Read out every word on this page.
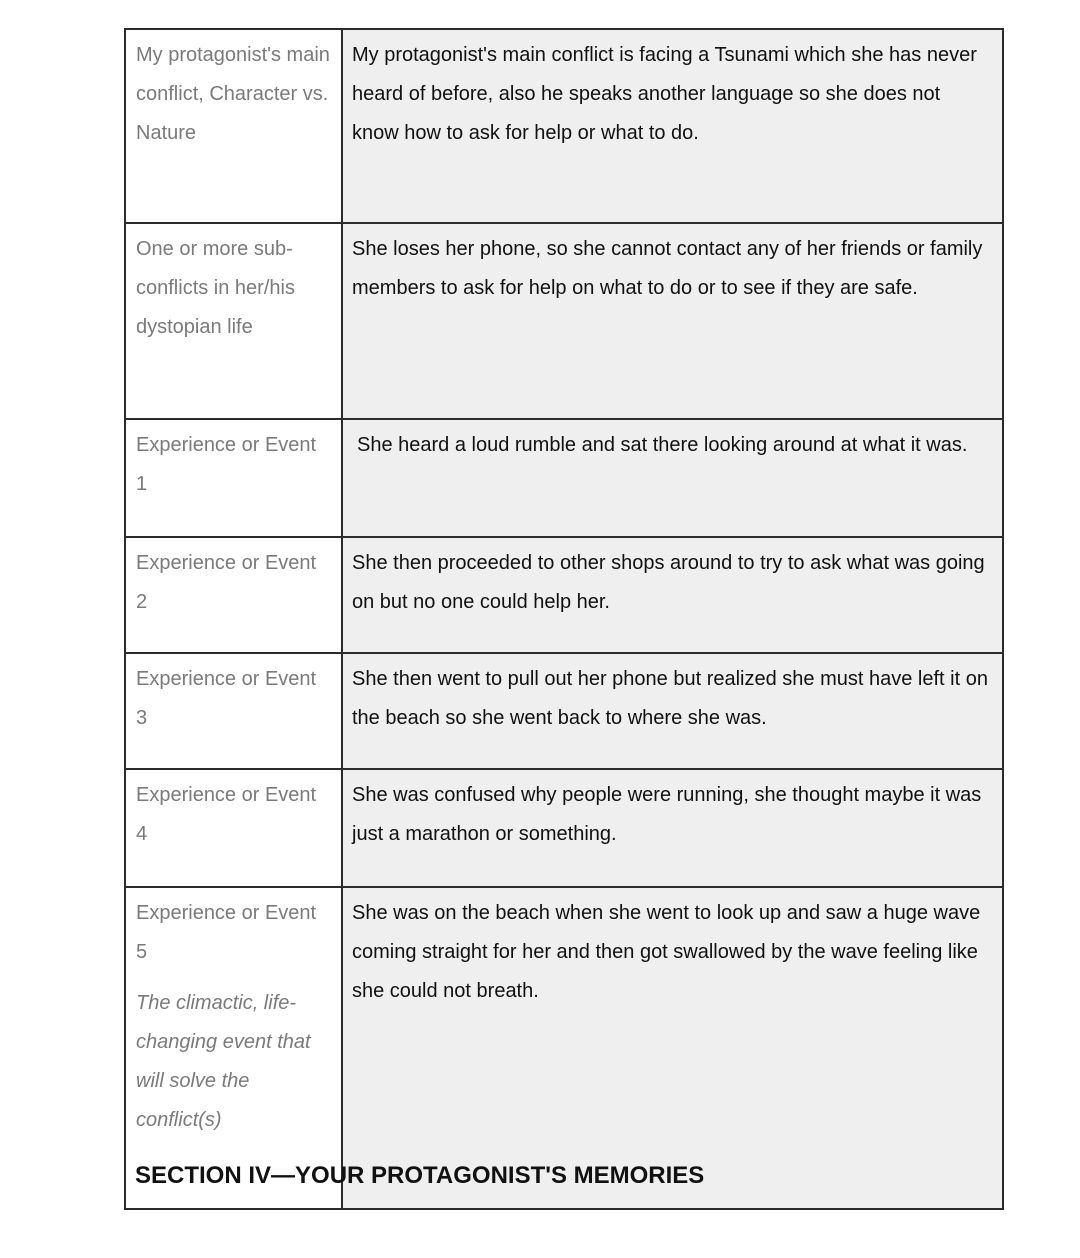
My protagonist's main conflict, Character vs. Nature	My protagonist's main conflict is facing a Tsunami which she has never heard of before, also he speaks another language so she does not know how to ask for help or what to do.

One or more sub-conflicts in her/his dystopian life	She loses her phone, so she cannot contact any of her friends or family members to ask for help on what to do or to see if they are safe.

Experience or Event 1	She heard a loud rumble and sat there looking around at what it was.

Experience or Event 2	She then proceeded to other shops around to try to ask what was going on but no one could help her.

Experience or Event 3	She then went to pull out her phone but realized she must have left it on the beach so she went back to where she was.

Experience or Event 4	She was confused why people were running, she thought maybe it was just a marathon or something.

Experience or Event 5
The climactic, life-changing event that will solve the conflict(s)	She was on the beach when she went to look up and saw a huge wave coming straight for her and then got swallowed by the wave feeling like she could not breath.
SECTION IV—YOUR PROTAGONIST'S MEMORIES
